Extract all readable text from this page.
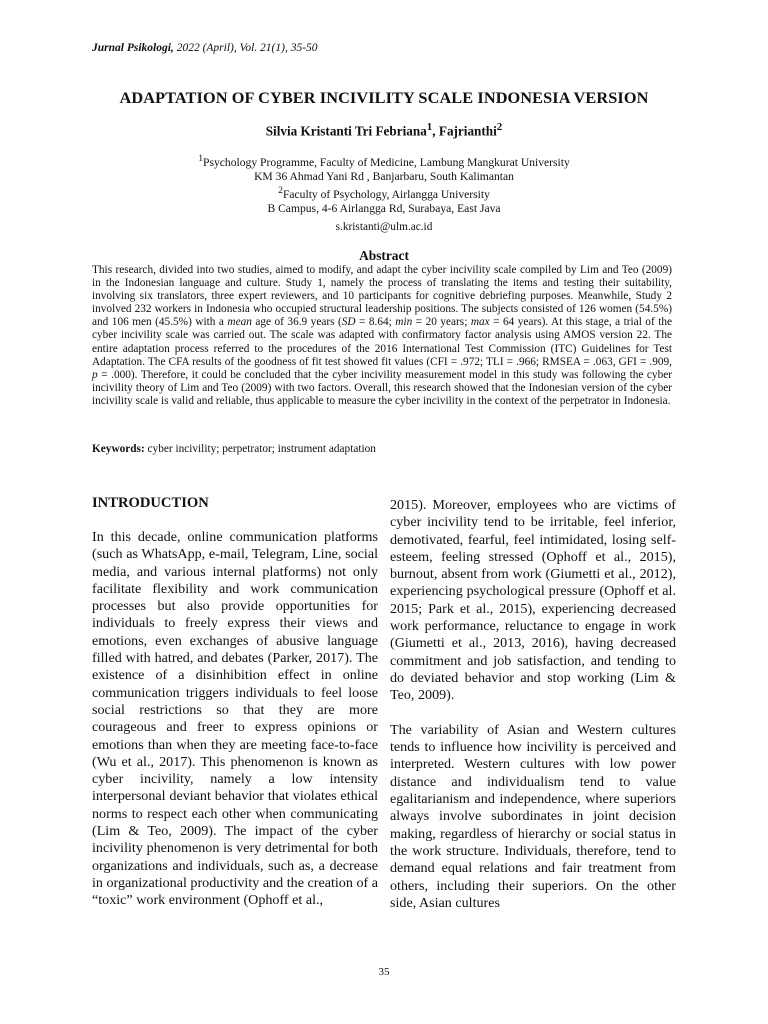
Jurnal Psikologi, 2022 (April), Vol. 21(1), 35-50
ADAPTATION OF CYBER INCIVILITY SCALE INDONESIA VERSION
Silvia Kristanti Tri Febriana$^1$, Fajrianthi$^2$
$^1$Psychology Programme, Faculty of Medicine, Lambung Mangkurat University
KM 36 Ahmad Yani Rd , Banjarbaru, South Kalimantan
$^2$Faculty of Psychology, Airlangga University
B Campus, 4-6 Airlangga Rd, Surabaya, East Java
s.kristanti@ulm.ac.id
Abstract
This research, divided into two studies, aimed to modify, and adapt the cyber incivility scale compiled by Lim and Teo (2009) in the Indonesian language and culture. Study 1, namely the process of translating the items and testing their suitability, involving six translators, three expert reviewers, and 10 participants for cognitive debriefing purposes. Meanwhile, Study 2 involved 232 workers in Indonesia who occupied structural leadership positions. The subjects consisted of 126 women (54.5%) and 106 men (45.5%) with a mean age of 36.9 years (SD = 8.64; min = 20 years; max = 64 years). At this stage, a trial of the cyber incivility scale was carried out. The scale was adapted with confirmatory factor analysis using AMOS version 22. The entire adaptation process referred to the procedures of the 2016 International Test Commission (ITC) Guidelines for Test Adaptation. The CFA results of the goodness of fit test showed fit values (CFI = .972; TLI = .966; RMSEA = .063, GFI = .909, p = .000). Therefore, it could be concluded that the cyber incivility measurement model in this study was following the cyber incivility theory of Lim and Teo (2009) with two factors. Overall, this research showed that the Indonesian version of the cyber incivility scale is valid and reliable, thus applicable to measure the cyber incivility in the context of the perpetrator in Indonesia.
Keywords: cyber incivility; perpetrator; instrument adaptation
INTRODUCTION

In this decade, online communication platforms (such as WhatsApp, e-mail, Telegram, Line, social media, and various internal platforms) not only facilitate flexibility and work communication processes but also provide opportunities for individuals to freely express their views and emotions, even exchanges of abusive language filled with hatred, and debates (Parker, 2017). The existence of a disinhibition effect in online communication triggers individuals to feel loose social restrictions so that they are more courageous and freer to express opinions or emotions than when they are meeting face-to-face (Wu et al., 2017). This phenomenon is known as cyber incivility, namely a low intensity interpersonal deviant behavior that violates ethical norms to respect each other when communicating (Lim & Teo, 2009). The impact of the cyber incivility phenomenon is very detrimental for both organizations and individuals, such as, a decrease in organizational productivity and the creation of a “toxic” work environment (Ophoff et al.,

2015). Moreover, employees who are victims of cyber incivility tend to be irritable, feel inferior, demotivated, fearful, feel intimidated, losing self-esteem, feeling stressed (Ophoff et al., 2015), burnout, absent from work (Giumetti et al., 2012), experiencing psychological pressure (Ophoff et al. 2015; Park et al., 2015), experiencing decreased work performance, reluctance to engage in work (Giumetti et al., 2013, 2016), having decreased commitment and job satisfaction, and tending to do deviated behavior and stop working (Lim & Teo, 2009).

The variability of Asian and Western cultures tends to influence how incivility is perceived and interpreted. Western cultures with low power distance and individualism tend to value egalitarianism and independence, where superiors always involve subordinates in joint decision making, regardless of hierarchy or social status in the work structure. Individuals, therefore, tend to demand equal relations and fair treatment from others, including their superiors. On the other side, Asian cultures

35
